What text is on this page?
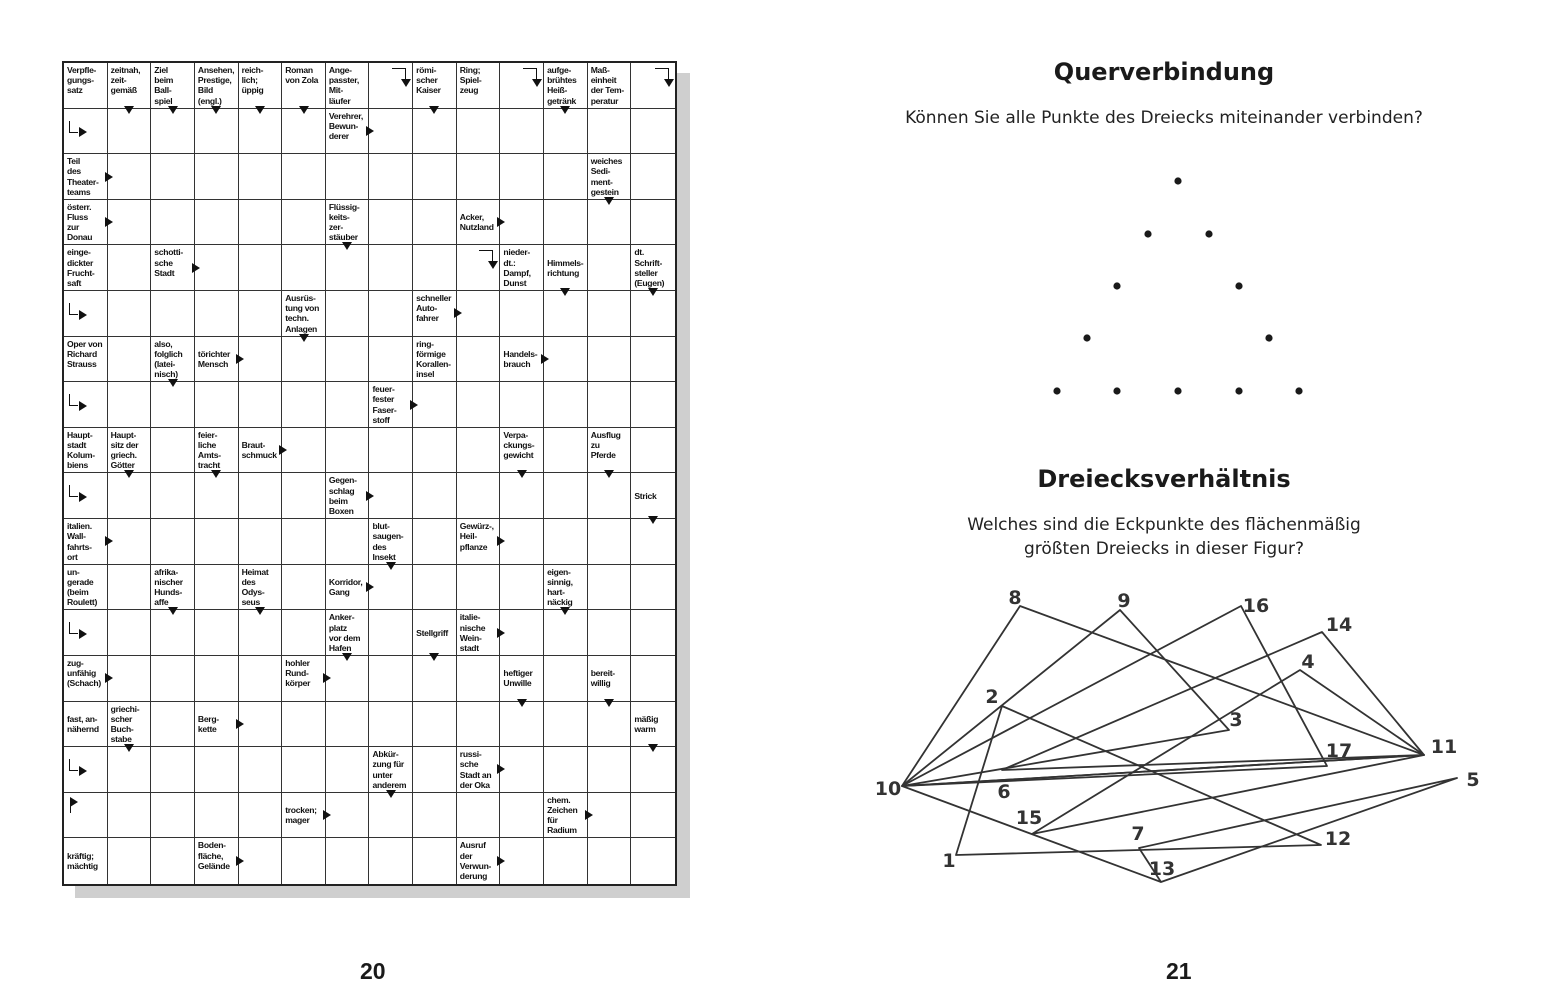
Verpfle-
gungs-
satz
zeitnah,
zeit-
gemäß
Ziel
beim
Ball-
spiel
Ansehen,
Prestige,
Bild
(engl.)
reich-
lich;
üppig
Roman
von Zola
Ange-
passter,
Mit-
läufer
römi-
scher
Kaiser
Ring;
Spiel-
zeug
aufge-
brühtes
Heiß-
getränk
Maß-
einheit
der Tem-
peratur
Verehrer,
Bewun-
derer
Teil
des
Theater-
teams
weiches
Sedi-
ment-
gestein
österr.
Fluss
zur
Donau
Flüssig-
keits-
zer-
stäuber
Acker,
Nutzland
einge-
dickter
Frucht-
saft
schotti-
sche
Stadt
nieder-
dt.:
Dampf,
Dunst
Himmels-
richtung
dt.
Schrift-
steller
(Eugen)
Ausrüs-
tung von
techn.
Anlagen
schneller
Auto-
fahrer
Oper von
Richard
Strauss
also,
folglich
(latei-
nisch)
törichter
Mensch
ring-
förmige
Korallen-
insel
Handels-
brauch
feuer-
fester
Faser-
stoff
Haupt-
stadt
Kolum-
biens
Haupt-
sitz der
griech.
Götter
feier-
liche
Amts-
tracht
Braut-
schmuck
Verpa-
ckungs-
gewicht
Ausflug
zu
Pferde
Gegen-
schlag
beim
Boxen
Strick
italien.
Wall-
fahrts-
ort
blut-
saugen-
des
Insekt
Gewürz-,
Heil-
pflanze
un-
gerade
(beim
Roulett)
afrika-
nischer
Hunds-
affe
Heimat
des
Odys-
seus
Korridor,
Gang
eigen-
sinnig,
hart-
näckig
Anker-
platz
vor dem
Hafen
Stellgriff
italie-
nische
Wein-
stadt
zug-
unfähig
(Schach)
hohler
Rund-
körper
heftiger
Unwille
bereit-
willig
fast, an-
nähernd
griechi-
scher
Buch-
stabe
Berg-
kette
mäßig
warm
Abkür-
zung für
unter
anderem
russi-
sche
Stadt an
der Oka
trocken;
mager
chem.
Zeichen
für
Radium
kräftig;
mächtig
Boden-
fläche,
Gelände
Ausruf
der
Verwun-
derung
20
Querverbindung
Können Sie alle Punkte des Dreiecks miteinander verbinden?
Dreiecksverhältnis
Welches sind die Eckpunkte des flächenmäßig
größten Dreiecks in dieser Figur?
8	9	16
14
4
2
3
11
17
5
10	6
15
7	12
1	13
21
